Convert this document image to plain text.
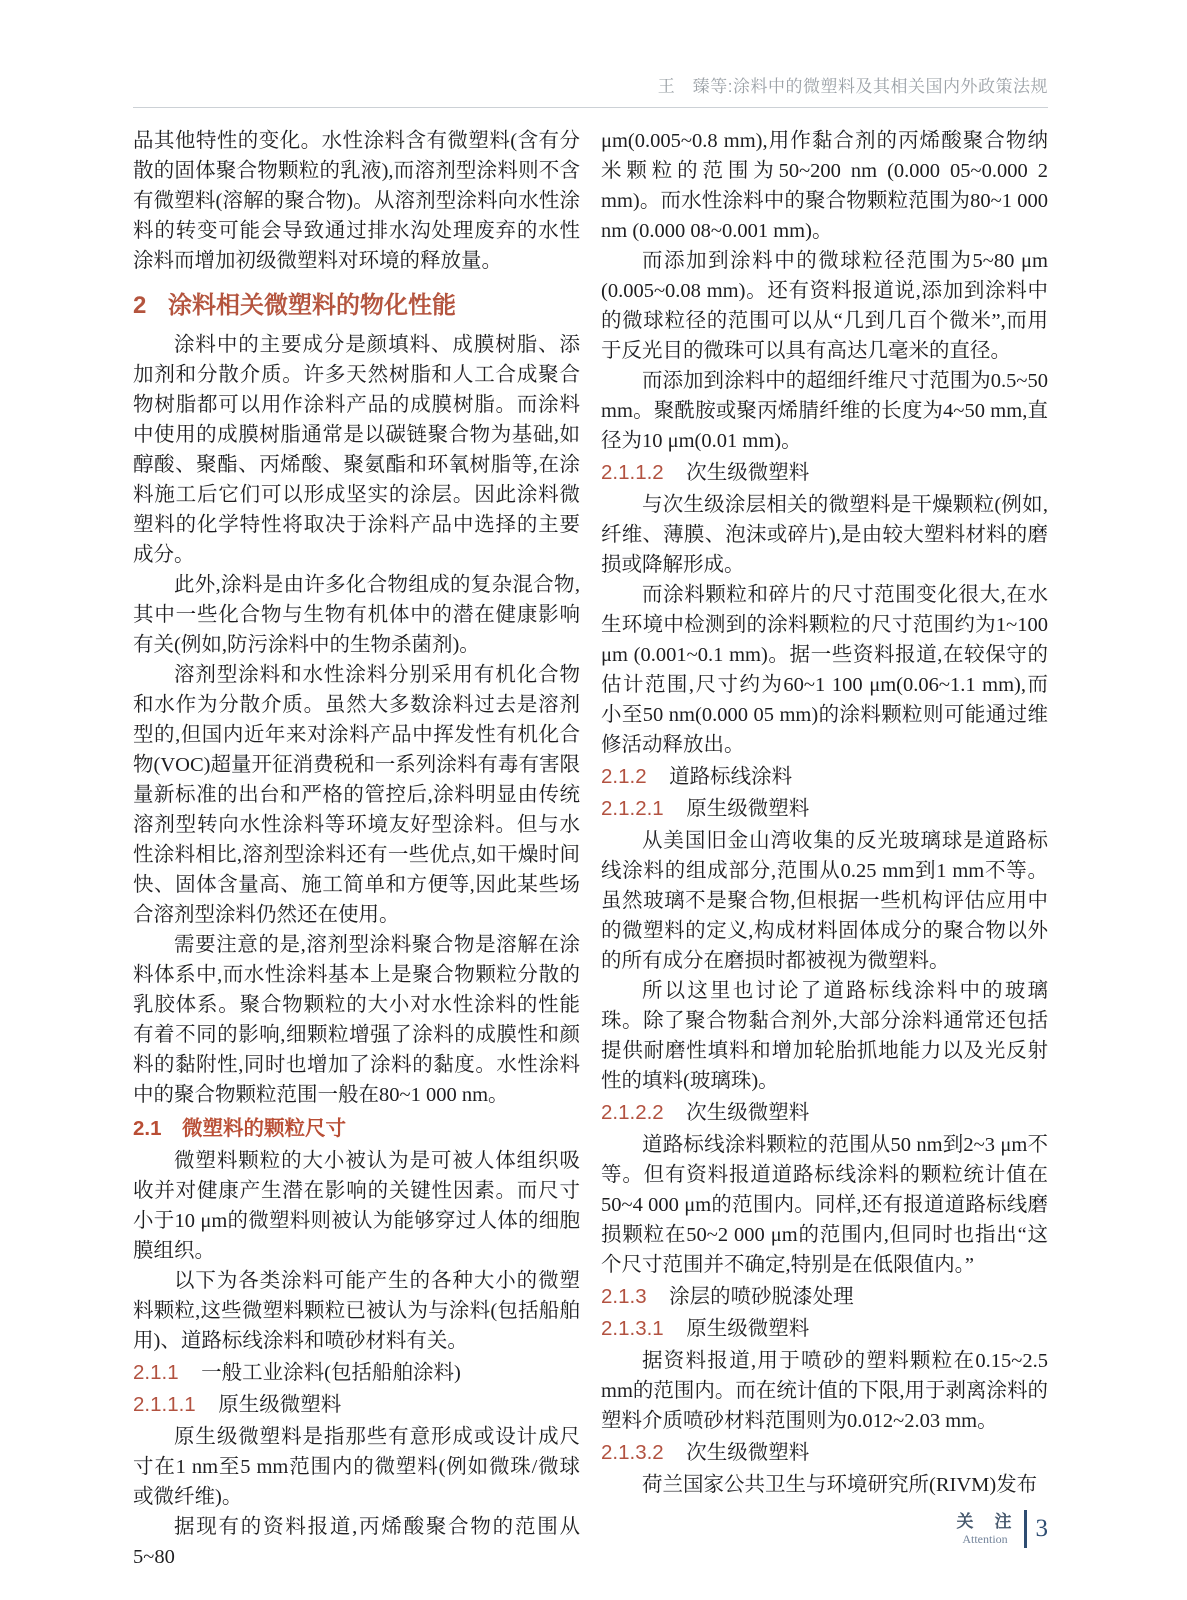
王　臻等:涂料中的微塑料及其相关国内外政策法规

品其他特性的变化。水性涂料含有微塑料(含有分散的固体聚合物颗粒的乳液),而溶剂型涂料则不含有微塑料(溶解的聚合物)。从溶剂型涂料向水性涂料的转变可能会导致通过排水沟处理废弃的水性涂料而增加初级微塑料对环境的释放量。

2 涂料相关微塑料的物化性能

涂料中的主要成分是颜填料、成膜树脂、添加剂和分散介质。许多天然树脂和人工合成聚合物树脂都可以用作涂料产品的成膜树脂。而涂料中使用的成膜树脂通常是以碳链聚合物为基础,如醇酸、聚酯、丙烯酸、聚氨酯和环氧树脂等,在涂料施工后它们可以形成坚实的涂层。因此涂料微塑料的化学特性将取决于涂料产品中选择的主要成分。

此外,涂料是由许多化合物组成的复杂混合物,其中一些化合物与生物有机体中的潜在健康影响有关(例如,防污涂料中的生物杀菌剂)。

溶剂型涂料和水性涂料分别采用有机化合物和水作为分散介质。虽然大多数涂料过去是溶剂型的,但国内近年来对涂料产品中挥发性有机化合物(VOC)超量开征消费税和一系列涂料有毒有害限量新标准的出台和严格的管控后,涂料明显由传统溶剂型转向水性涂料等环境友好型涂料。但与水性涂料相比,溶剂型涂料还有一些优点,如干燥时间快、固体含量高、施工简单和方便等,因此某些场合溶剂型涂料仍然还在使用。

需要注意的是,溶剂型涂料聚合物是溶解在涂料体系中,而水性涂料基本上是聚合物颗粒分散的乳胶体系。聚合物颗粒的大小对水性涂料的性能有着不同的影响,细颗粒增强了涂料的成膜性和颜料的黏附性,同时也增加了涂料的黏度。水性涂料中的聚合物颗粒范围一般在80~1 000 nm。

2.1 微塑料的颗粒尺寸

微塑料颗粒的大小被认为是可被人体组织吸收并对健康产生潜在影响的关键性因素。而尺寸小于10 μm的微塑料则被认为能够穿过人体的细胞膜组织。

以下为各类涂料可能产生的各种大小的微塑料颗粒,这些微塑料颗粒已被认为与涂料(包括船舶用)、道路标线涂料和喷砂材料有关。

2.1.1 一般工业涂料(包括船舶涂料)
2.1.1.1 原生级微塑料

原生级微塑料是指那些有意形成或设计成尺寸在1 nm至5 mm范围内的微塑料(例如微珠/微球或微纤维)。

据现有的资料报道,丙烯酸聚合物的范围从5~80

μm(0.005~0.8 mm),用作黏合剂的丙烯酸聚合物纳米颗粒的范围为50~200 nm (0.000 05~0.000 2 mm)。而水性涂料中的聚合物颗粒范围为80~1 000 nm (0.000 08~0.001 mm)。

而添加到涂料中的微球粒径范围为5~80 μm (0.005~0.08 mm)。还有资料报道说,添加到涂料中的微球粒径的范围可以从“几到几百个微米”,而用于反光目的微珠可以具有高达几毫米的直径。

而添加到涂料中的超细纤维尺寸范围为0.5~50 mm。聚酰胺或聚丙烯腈纤维的长度为4~50 mm,直径为10 μm(0.01 mm)。

2.1.1.2 次生级微塑料

与次生级涂层相关的微塑料是干燥颗粒(例如,纤维、薄膜、泡沫或碎片),是由较大塑料材料的磨损或降解形成。

而涂料颗粒和碎片的尺寸范围变化很大,在水生环境中检测到的涂料颗粒的尺寸范围约为1~100 μm (0.001~0.1 mm)。据一些资料报道,在较保守的估计范围,尺寸约为60~1 100 μm(0.06~1.1 mm),而小至50 nm(0.000 05 mm)的涂料颗粒则可能通过维修活动释放出。

2.1.2 道路标线涂料
2.1.2.1 原生级微塑料

从美国旧金山湾收集的反光玻璃球是道路标线涂料的组成部分,范围从0.25 mm到1 mm不等。虽然玻璃不是聚合物,但根据一些机构评估应用中的微塑料的定义,构成材料固体成分的聚合物以外的所有成分在磨损时都被视为微塑料。

所以这里也讨论了道路标线涂料中的玻璃珠。除了聚合物黏合剂外,大部分涂料通常还包括提供耐磨性填料和增加轮胎抓地能力以及光反射性的填料(玻璃珠)。

2.1.2.2 次生级微塑料

道路标线涂料颗粒的范围从50 nm到2~3 μm不等。但有资料报道道路标线涂料的颗粒统计值在50~4 000 μm的范围内。同样,还有报道道路标线磨损颗粒在50~2 000 μm的范围内,但同时也指出“这个尺寸范围并不确定,特别是在低限值内。”

2.1.3 涂层的喷砂脱漆处理
2.1.3.1 原生级微塑料

据资料报道,用于喷砂的塑料颗粒在0.15~2.5 mm的范围内。而在统计值的下限,用于剥离涂料的塑料介质喷砂材料范围则为0.012~2.03 mm。

2.1.3.2 次生级微塑料

荷兰国家公共卫生与环境研究所(RIVM)发布

关　注
Attention 3
